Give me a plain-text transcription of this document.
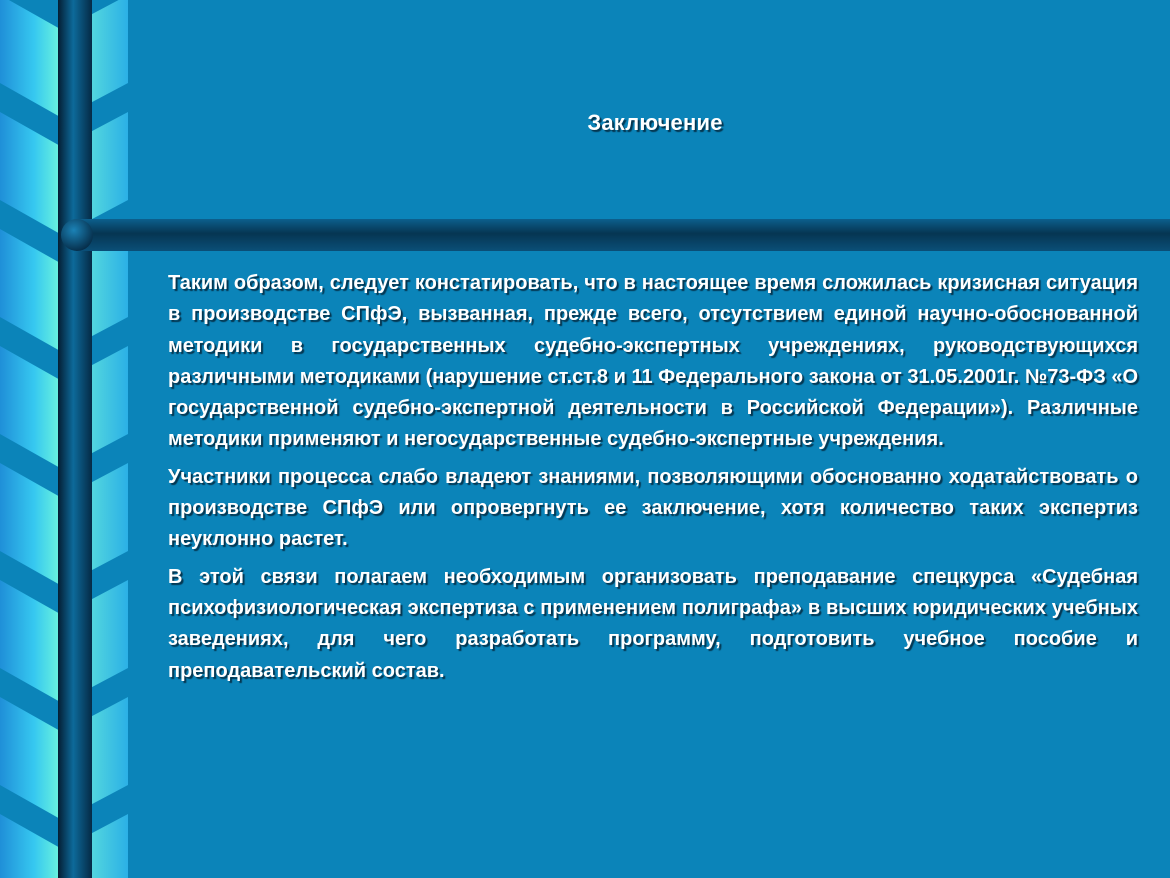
Заключение

Таким образом, следует констатировать, что в настоящее время сложилась кризисная ситуация в производстве СПфЭ, вызванная, прежде всего, отсутствием единой научно-обоснованной методики в государственных судебно-экспертных учреждениях, руководствующихся различными методиками (нарушение ст.ст.8 и 11 Федерального закона от 31.05.2001г. №73-ФЗ «О государственной судебно-экспертной деятельности в Российской Федерации»). Различные методики применяют и негосударственные судебно-экспертные учреждения.

Участники процесса слабо владеют знаниями, позволяющими обоснованно ходатайствовать о производстве СПфЭ или опровергнуть ее заключение, хотя количество таких экспертиз неуклонно растет.

В этой связи полагаем необходимым организовать преподавание спецкурса «Судебная психофизиологическая экспертиза с применением полиграфа» в высших юридических учебных заведениях, для чего разработать программу, подготовить учебное пособие и преподавательский состав.
